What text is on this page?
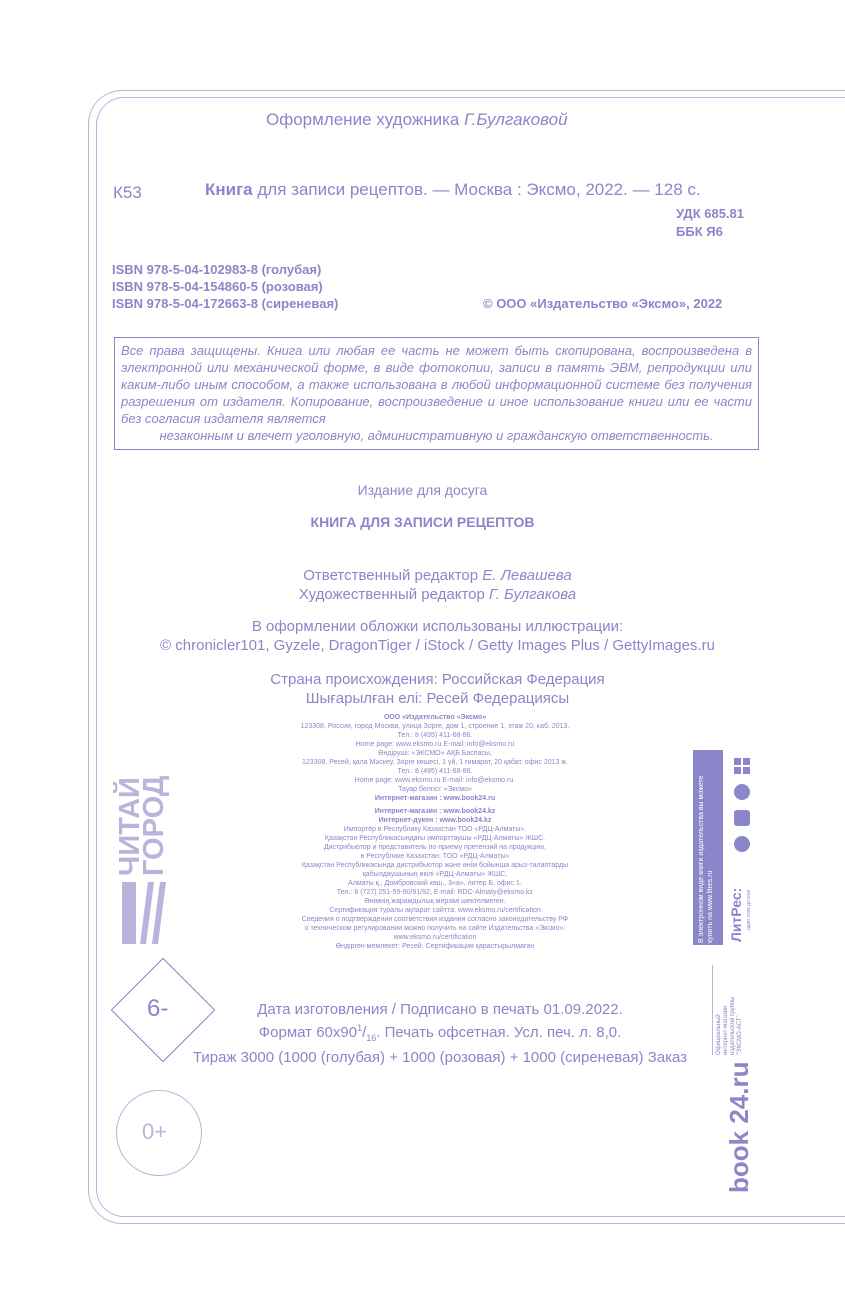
Оформление художника Г.Булгаковой
К53	Книга для записи рецептов. — Москва : Эксмо, 2022. — 128 с.
УДК 685.81
ББК Я6
ISBN 978-5-04-102983-8 (голубая)
ISBN 978-5-04-154860-5 (розовая)
ISBN 978-5-04-172663-8 (сиреневая)	© ООО «Издательство «Эксмо», 2022
Все права защищены. Книга или любая ее часть не может быть скопирована, воспроизведена в электронной или механической форме, в виде фотокопии, записи в память ЭВМ, репродукции или каким-либо иным способом, а также использована в любой информационной системе без получения разрешения от издателя. Копирование, воспроизведение и иное использование книги или ее части без согласия издателя является
незаконным и влечет уголовную, административную и гражданскую ответственность.
Издание для досуга
КНИГА ДЛЯ ЗАПИСИ РЕЦЕПТОВ
Ответственный редактор Е. Левашева
Художественный редактор Г. Булгакова
В оформлении обложки использованы иллюстрации:
© chronicler101, Gyzele, DragonTiger / iStock / Getty Images Plus / GettyImages.ru
Страна происхождения: Российская Федерация
Шығарылған елі: Ресей Федерациясы
ООО «Издательство «Эксмо»
123308, Россия, город Москва, улица Зорге, дом 1, строение 1, этаж 20, каб. 2013.
Тел.: 8 (495) 411-68-86.
Home page: www.eksmo.ru E-mail: info@eksmo.ru
Өндіруші: «ЭКСМО» АҚБ Баспасы,
123308, Ресей, қала Мәскеу, Зорге көшесі, 1 үй, 1 ғимарат, 20 қабат, офис 2013 ж.
Тел.: 8 (495) 411-68-86.
Home page: www.eksmo.ru E-mail: info@eksmo.ru.
Тауар белгісі: «Эксмо»
Интернет-магазин : www.book24.ru
Интернет-магазин : www.book24.kz
Интернет-дүкен : www.book24.kz
Импортёр в Республику Казахстан ТОО «РДЦ-Алматы».
Қазақстан Республикасындағы импорттаушы «РДЦ-Алматы» ЖШС.
Дистрибьютор и представитель по приему претензий на продукцию,
в Республике Казахстан: ТОО «РДЦ-Алматы»
Қазақстан Республикасында дистрибьютор және өнім бойынша арыз-талаптарды
қабылдаушының өкілі «РДЦ-Алматы» ЖШС,
Алматы қ., Домбровский көш., 3«а», литер Б, офис 1.
Тел.: 8 (727) 251-59-90/91/92; E-mail: RDC-Almaty@eksmo.kz
Өнімнің жарамдылық мерзімі шектелмеген.
Сертификация туралы ақпарат сайтта: www.eksmo.ru/certification
Сведения о подтверждении соответствия издания согласно законодательству РФ
о техническом регулировании можно получить на сайте Издательства «Эксмо»:
www.eksmo.ru/certification
Өндірген мемлекет: Ресей. Сертификация қарастырылмаған
Дата изготовления / Подписано в печать 01.09.2022.
Формат $60х90^1/_{16}$. Печать офсетная. Усл. печ. л. 8,0.
Тираж 3000 (1000 (голубая) + 1000 (розовая) + 1000 (сиреневая) Заказ
6-
0+
ЧИТАЙ
ГОРОД	В электронном виде книги издательства вы можете купить на www.litres.ru ЛитРес: один клик до книг
book 24.ru
Официальный интернет-магазин издательской группы "ЭКСМО-АСТ"
